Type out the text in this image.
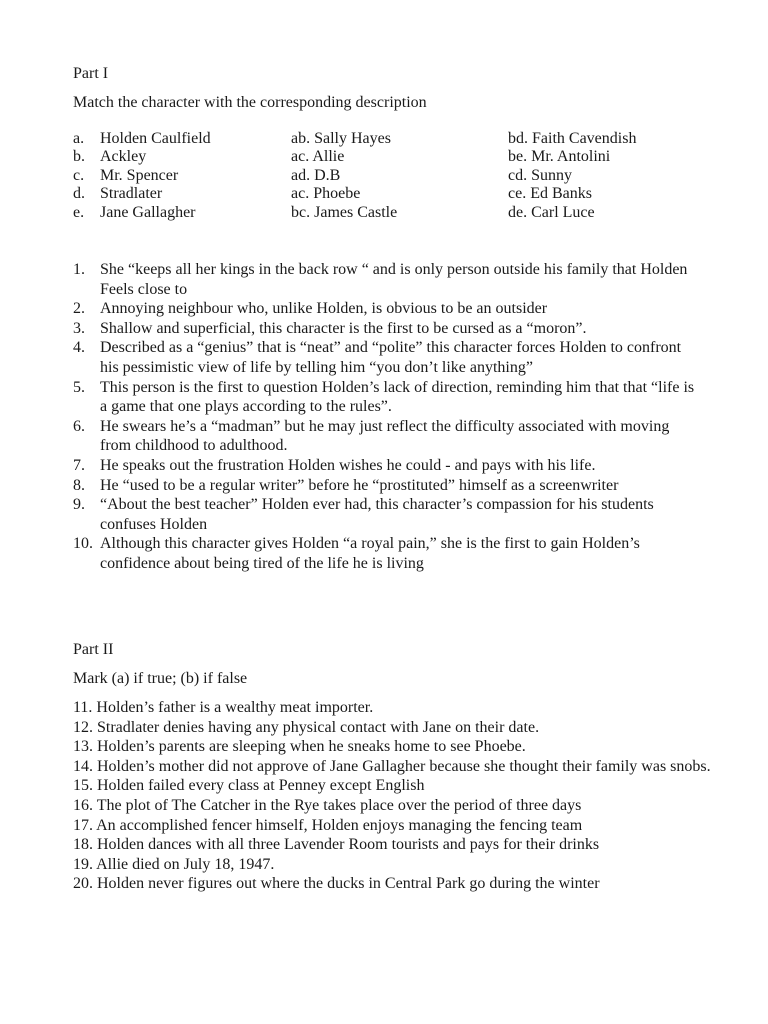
Part I

Match the character with the corresponding description

a. Holden Caulfield
b. Ackley
c. Mr. Spencer
d. Stradlater
e. Jane Gallagher
ab. Sally Hayes
ac. Allie
ad. D.B
ac. Phoebe
bc. James Castle
bd. Faith Cavendish
be. Mr. Antolini
cd. Sunny
ce. Ed Banks
de. Carl Luce
1. She “keeps all her kings in the back row “ and is only person outside his family that Holden Feels close to
2. Annoying neighbour who, unlike Holden, is obvious to be an outsider
3. Shallow and superficial, this character is the first to be cursed as a “moron”.
4. Described as a “genius” that is “neat” and “polite” this character forces Holden to confront his pessimistic view of life by telling him “you don’t like anything”
5. This person is the first to question Holden’s lack of direction, reminding him that that “life is a game that one plays according to the rules”.
6. He swears he’s a “madman” but he may just reflect the difficulty associated with moving from childhood to adulthood.
7. He speaks out the frustration Holden wishes he could - and pays with his life.
8. He “used to be a regular writer” before he “prostituted” himself as a screenwriter
9. “About the best teacher” Holden ever had, this character’s compassion for his students confuses Holden
10. Although this character gives Holden “a royal pain,” she is the first to gain Holden’s confidence about being tired of the life he is living

Part II

Mark (a) if true; (b) if false

11. Holden’s father is a wealthy meat importer.
12. Stradlater denies having any physical contact with Jane on their date.
13. Holden’s parents are sleeping when he sneaks home to see Phoebe.
14. Holden’s mother did not approve of Jane Gallagher because she thought their family was snobs.
15. Holden failed every class at Penney except English
16. The plot of The Catcher in the Rye takes place over the period of three days
17. An accomplished fencer himself, Holden enjoys managing the fencing team
18. Holden dances with all three Lavender Room tourists and pays for their drinks
19. Allie died on July 18, 1947.
20. Holden never figures out where the ducks in Central Park go during the winter
